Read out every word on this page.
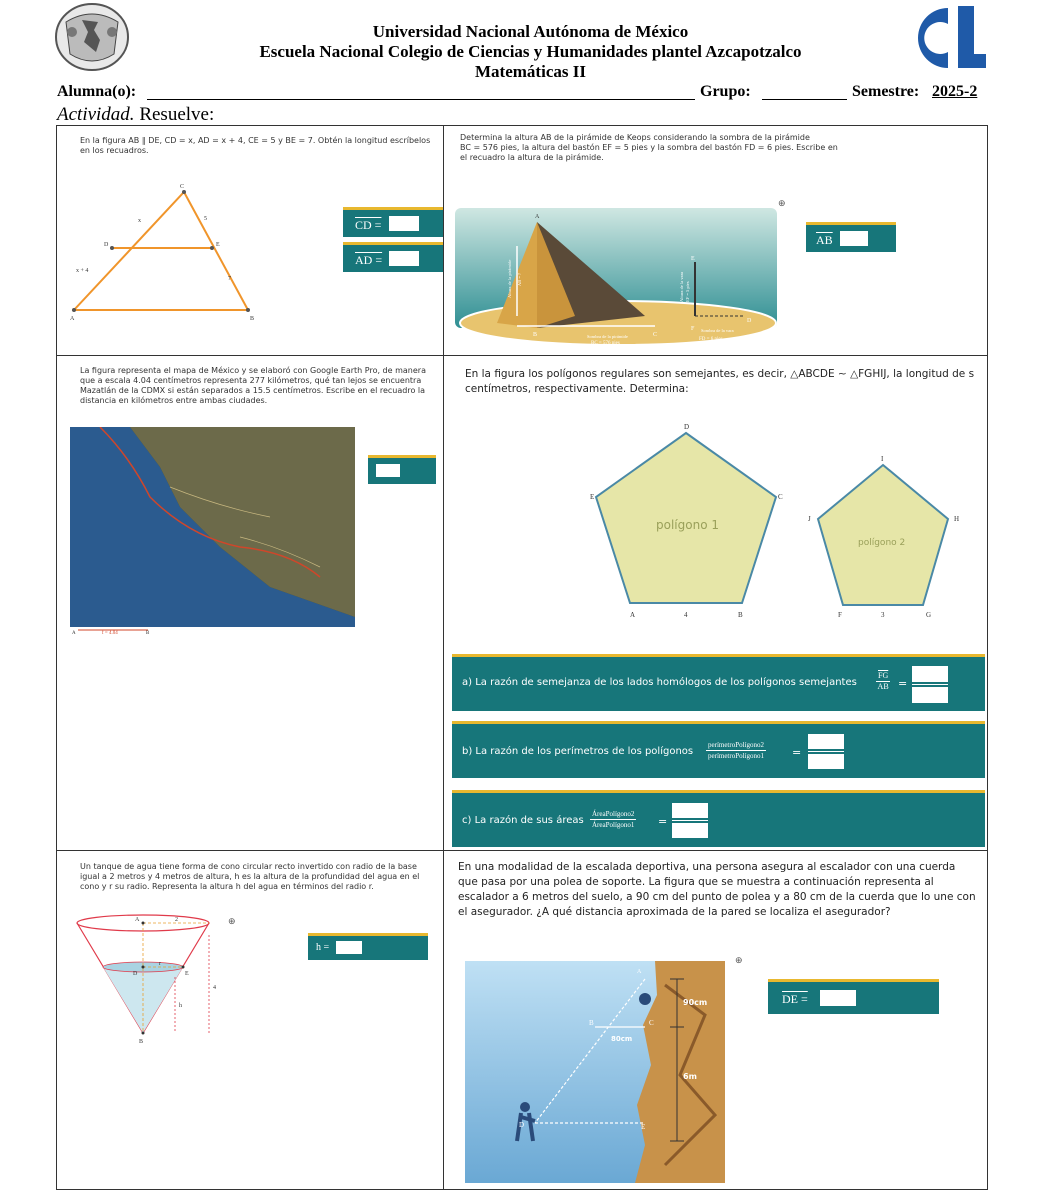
Universidad Nacional Autónoma de México
Escuela Nacional Colegio de Ciencias y Humanidades plantel Azcapotzalco
Matemáticas II
Alumna(o):	Grupo:	Semestre: 2025-2
Actividad. Resuelve:
En la figura AB ∥ DE, CD = x, AD = x + 4, CE = 5 y BE = 7. Obtén la longitud escríbelos en los recuadros.
C
D	E
A	B
x	5
x + 4
7
CD =
AD =
Determina la altura AB de la pirámide de Keops considerando la sombra de la pirámide
BC = 576 pies, la altura del bastón EF = 5 pies y la sombra del bastón FD = 6 pies. Escribe en
el recuadro la altura de la pirámide.
A
B	C
E
F
D
Altura de la pirámide AB = ?
Sombra de la pirámide
BC = 576 pies
Altura de la vara EF = 5 pies
Sombra de la vara
FD = 6 pies
⊕
$\overline{AB}$
La figura representa el mapa de México y se elaboró con Google Earth Pro, de manera que a escala 4.04 centímetros representa 277 kilómetros, qué tan lejos se encuentra Mazatlán de la CDMX si están separados a 15.5 centímetros. Escribe en el recuadro la distancia en kilómetros entre ambas ciudades.
A	B
f = 4.04
En la figura los polígonos regulares son semejantes, es decir, △ABCDE ∼ △FGHIJ, la longitud de s centímetros, respectivamente. Determina:
D
C
E
A	B
4
polígono 1
I
H
J
F	G
3
polígono 2
a) La razón de semejanza de los lados homólogos de los polígonos semejantes $\frac{\overline{FG}}{AB}$ =
b) La razón de los perímetros de los polígonos
perímetroPolígono2
perímetroPolígono1	=
c) La razón de sus áreas
ÁreaPolígono2
ÁreaPolígono1 =
Un tanque de agua tiene forma de cono circular recto invertido con radio de la base igual a 2 metros y 4 metros de altura, h es la altura de la profundidad del agua en el cono y r su radio. Representa la altura h del agua en términos del radio r.
A	2
D	E
r
4
h
B
⊕
h =
En una modalidad de la escalada deportiva, una persona asegura al escalador con una cuerda que pasa por una polea de soporte. La figura que se muestra a continuación representa al escalador a 6 metros del suelo, a 90 cm del punto de polea y a 80 cm de la cuerda que lo une con el asegurador. ¿A qué distancia aproximada de la pared se localiza el asegurador?
A
B	C
D	E
90cm
80cm
6m
⊕
DE =
